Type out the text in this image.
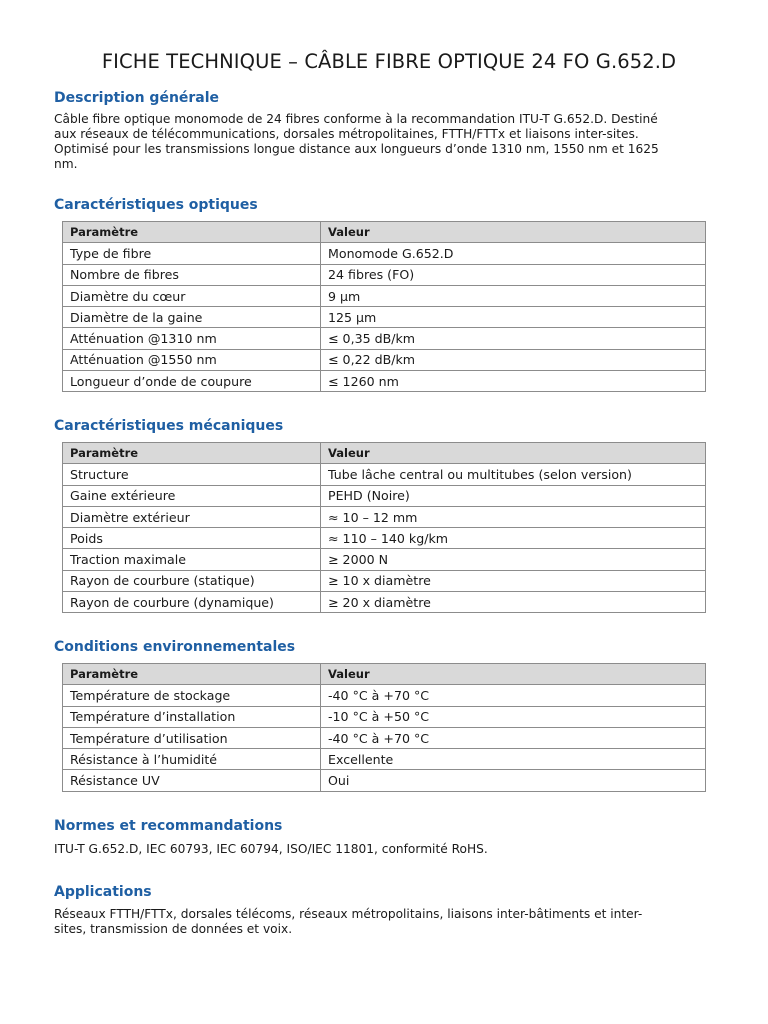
FICHE TECHNIQUE – CÂBLE FIBRE OPTIQUE 24 FO G.652.D
Description générale

Câble fibre optique monomode de 24 fibres conforme à la recommandation ITU-T G.652.D. Destiné
aux réseaux de télécommunications, dorsales métropolitaines, FTTH/FTTx et liaisons inter-sites.
Optimisé pour les transmissions longue distance aux longueurs d’onde 1310 nm, 1550 nm et 1625
nm.

Caractéristiques optiques
Paramètre	Valeur
Type de fibre	Monomode G.652.D
Nombre de fibres	24 fibres (FO)
Diamètre du cœur	9 µm
Diamètre de la gaine	125 µm
Atténuation @1310 nm	≤ 0,35 dB/km
Atténuation @1550 nm	≤ 0,22 dB/km
Longueur d’onde de coupure	≤ 1260 nm
Caractéristiques mécaniques
Paramètre	Valeur
Structure	Tube lâche central ou multitubes (selon version)
Gaine extérieure	PEHD (Noire)
Diamètre extérieur	≈ 10 – 12 mm
Poids	≈ 110 – 140 kg/km
Traction maximale	≥ 2000 N
Rayon de courbure (statique)	≥ 10 x diamètre
Rayon de courbure (dynamique)	≥ 20 x diamètre
Conditions environnementales
Paramètre	Valeur
Température de stockage	-40 °C à +70 °C
Température d’installation	-10 °C à +50 °C
Température d’utilisation	-40 °C à +70 °C
Résistance à l’humidité	Excellente
Résistance UV	Oui
Normes et recommandations

ITU-T G.652.D, IEC 60793, IEC 60794, ISO/IEC 11801, conformité RoHS.

Applications

Réseaux FTTH/FTTx, dorsales télécoms, réseaux métropolitains, liaisons inter-bâtiments et inter-
sites, transmission de données et voix.
